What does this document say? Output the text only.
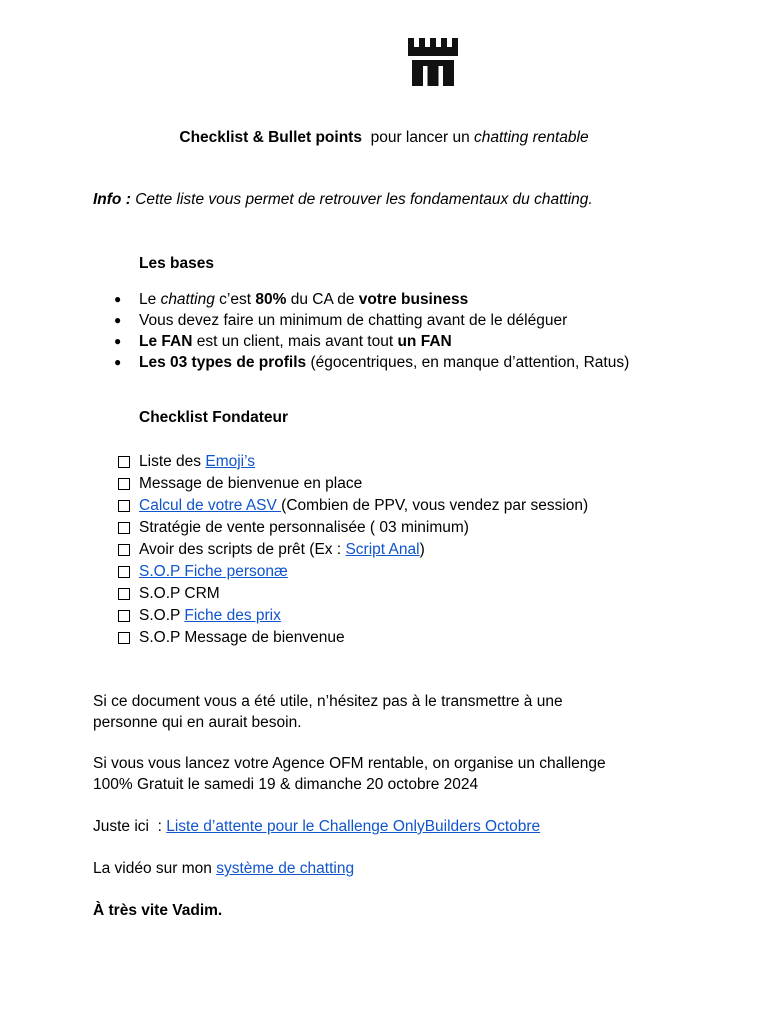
Checklist & Bullet points pour lancer un chatting rentable
Info : Cette liste vous permet de retrouver les fondamentaux du chatting.
Les bases
● Le chatting c’est 80% du CA de votre business
● Vous devez faire un minimum de chatting avant de le déléguer
● Le FAN est un client, mais avant tout un FAN
● Les 03 types de profils (égocentriques, en manque d’attention, Ratus)
Checklist Fondateur
Liste des Emoji’s
Message de bienvenue en place
Calcul de votre ASV (Combien de PPV, vous vendez par session)
Stratégie de vente personnalisée ( 03 minimum)
Avoir des scripts de prêt (Ex : Script Anal )
S.O.P Fiche personæ
S.O.P CRM
S.O.P Fiche des prix
S.O.P Message de bienvenue
Si ce document vous a été utile, n’hésitez pas à le transmettre à une
personne qui en aurait besoin.
Si vous vous lancez votre Agence OFM rentable, on organise un challenge
100% Gratuit le samedi 19 & dimanche 20 octobre 2024
Juste ici  : Liste d’attente pour le Challenge OnlyBuilders Octobre
La vidéo sur mon système de chatting
À très vite Vadim.
